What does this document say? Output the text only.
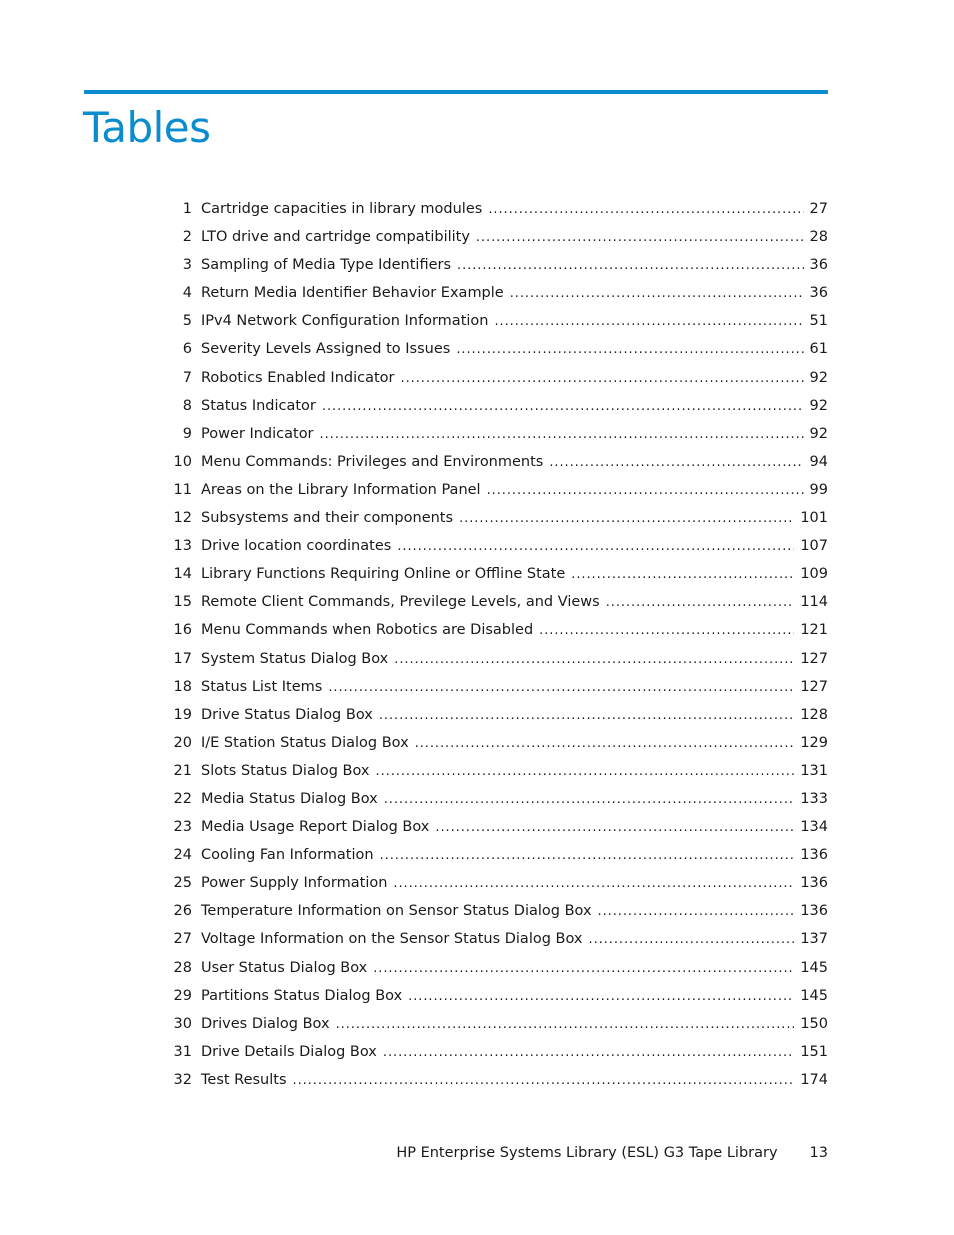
Tables
1 Cartridge capacities in library modules . . .	27
2 LTO drive and cartridge compatibility . . .	28
3 Sampling of Media Type Identifiers . . .	36
4 Return Media Identifier Behavior Example . . .	36
5 IPv4 Network Configuration Information . . .	51
6 Severity Levels Assigned to Issues . . .	61
7 Robotics Enabled Indicator . . .	92
8 Status Indicator . . .	92
9 Power Indicator . . .	92
10 Menu Commands: Privileges and Environments . . .	94
11 Areas on the Library Information Panel . . .	99
12 Subsystems and their components . . .	101
13 Drive location coordinates . . .	107
14 Library Functions Requiring Online or Offline State . . .	109
15 Remote Client Commands, Previlege Levels, and Views . . .	114
16 Menu Commands when Robotics are Disabled . . .	121
17 System Status Dialog Box . . .	127
18 Status List Items . . .	127
19 Drive Status Dialog Box . . .	128
20 I/E Station Status Dialog Box . . .	129
21 Slots Status Dialog Box . . .	131
22 Media Status Dialog Box . . .	133
23 Media Usage Report Dialog Box . . .	134
24 Cooling Fan Information . . .	136
25 Power Supply Information . . .	136
26 Temperature Information on Sensor Status Dialog Box . . .	136
27 Voltage Information on the Sensor Status Dialog Box . . .	137
28 User Status Dialog Box . . .	145
29 Partitions Status Dialog Box . . .	145
30 Drives Dialog Box . . .	150
31 Drive Details Dialog Box . . .	151
32 Test Results . . .	174
HP Enterprise Systems Library (ESL) G3 Tape Library 13
